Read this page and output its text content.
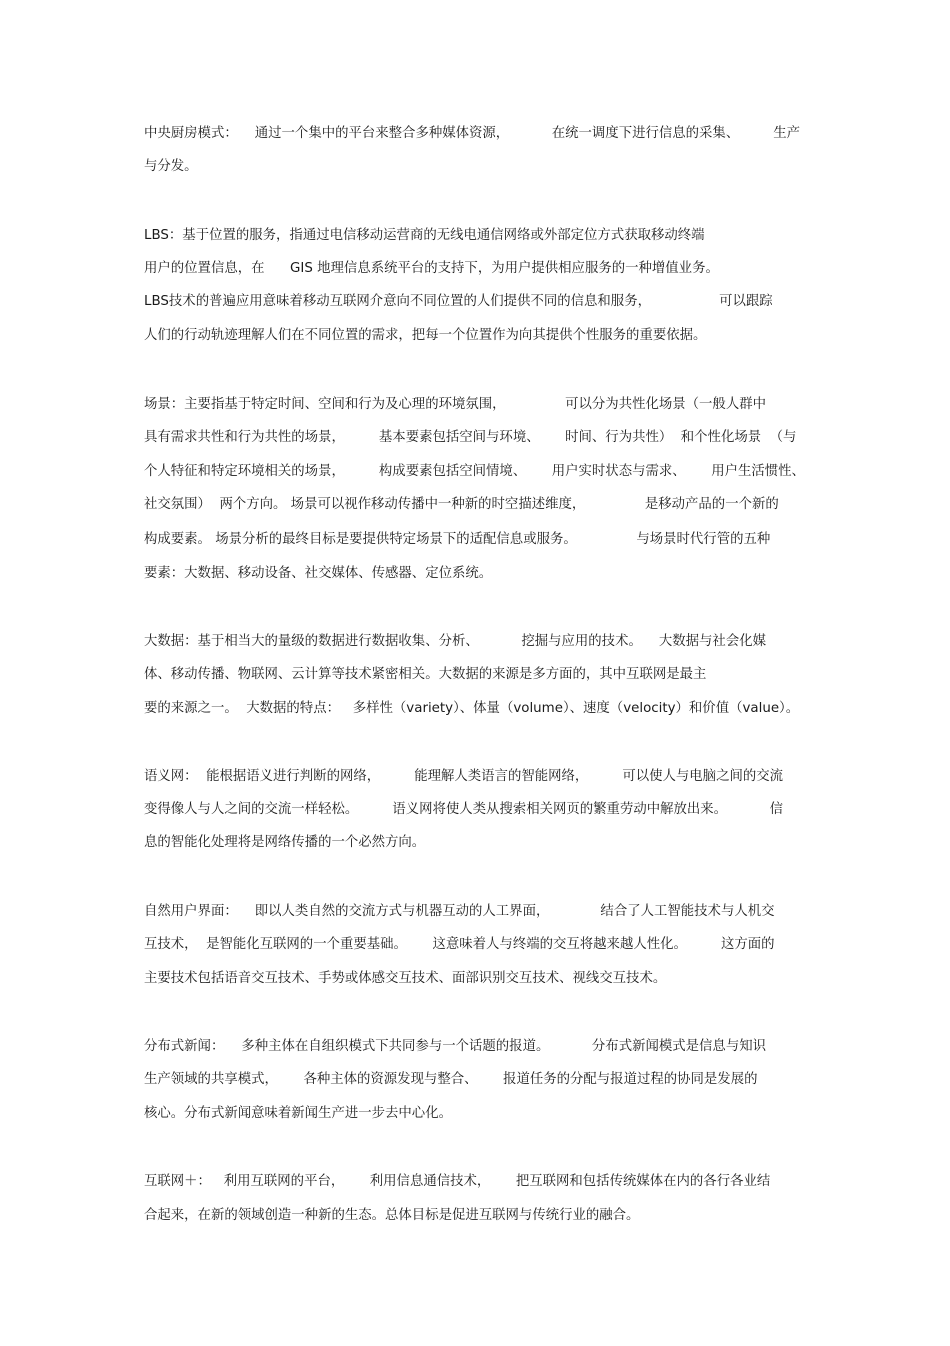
中央厨房模式：    通过一个集中的平台来整合多种媒体资源，          在统一调度下进行信息的采集、        生产
与分发。
LBS：基于位置的服务，指通过电信移动运营商的无线电通信网络或外部定位方式获取移动终端
用户的位置信息，在      GIS 地理信息系统平台的支持下，为用户提供相应服务的一种增值业务。
LBS技术的普遍应用意味着移动互联网介意向不同位置的人们提供不同的信息和服务，                可以跟踪
人们的行动轨迹理解人们在不同位置的需求，把每一个位置作为向其提供个性服务的重要依据。
场景：主要指基于特定时间、空间和行为及心理的环境氛围，              可以分为共性化场景（一般人群中
具有需求共性和行为共性的场景，        基本要素包括空间与环境、      时间、行为共性）  和个性化场景  （与
个人特征和特定环境相关的场景，        构成要素包括空间情境、      用户实时状态与需求、      用户生活惯性、
社交氛围）  两个方向。 场景可以视作移动传播中一种新的时空描述维度，              是移动产品的一个新的
构成要素。 场景分析的最终目标是要提供特定场景下的适配信息或服务。              与场景时代行管的五种
要素：大数据、移动设备、社交媒体、传感器、定位系统。
大数据：基于相当大的量级的数据进行数据收集、分析、          挖掘与应用的技术。    大数据与社会化媒
体、移动传播、物联网、云计算等技术紧密相关。大数据的来源是多方面的，其中互联网是最主
要的来源之一。  大数据的特点：   多样性（variety）、体量（volume）、速度（velocity）和价值（value）。
语义网：  能根据语义进行判断的网络，        能理解人类语言的智能网络，        可以使人与电脑之间的交流
变得像人与人之间的交流一样轻松。        语义网将使人类从搜索相关网页的繁重劳动中解放出来。          信
息的智能化处理将是网络传播的一个必然方向。
自然用户界面：    即以人类自然的交流方式与机器互动的人工界面，            结合了人工智能技术与人机交
互技术，  是智能化互联网的一个重要基础。      这意味着人与终端的交互将越来越人性化。        这方面的
主要技术包括语音交互技术、手势或体感交互技术、面部识别交互技术、视线交互技术。
分布式新闻：    多种主体在自组织模式下共同参与一个话题的报道。          分布式新闻模式是信息与知识
生产领域的共享模式，      各种主体的资源发现与整合、      报道任务的分配与报道过程的协同是发展的
核心。分布式新闻意味着新闻生产进一步去中心化。
互联网＋：   利用互联网的平台，      利用信息通信技术，      把互联网和包括传统媒体在内的各行各业结
合起来，在新的领域创造一种新的生态。总体目标是促进互联网与传统行业的融合。
